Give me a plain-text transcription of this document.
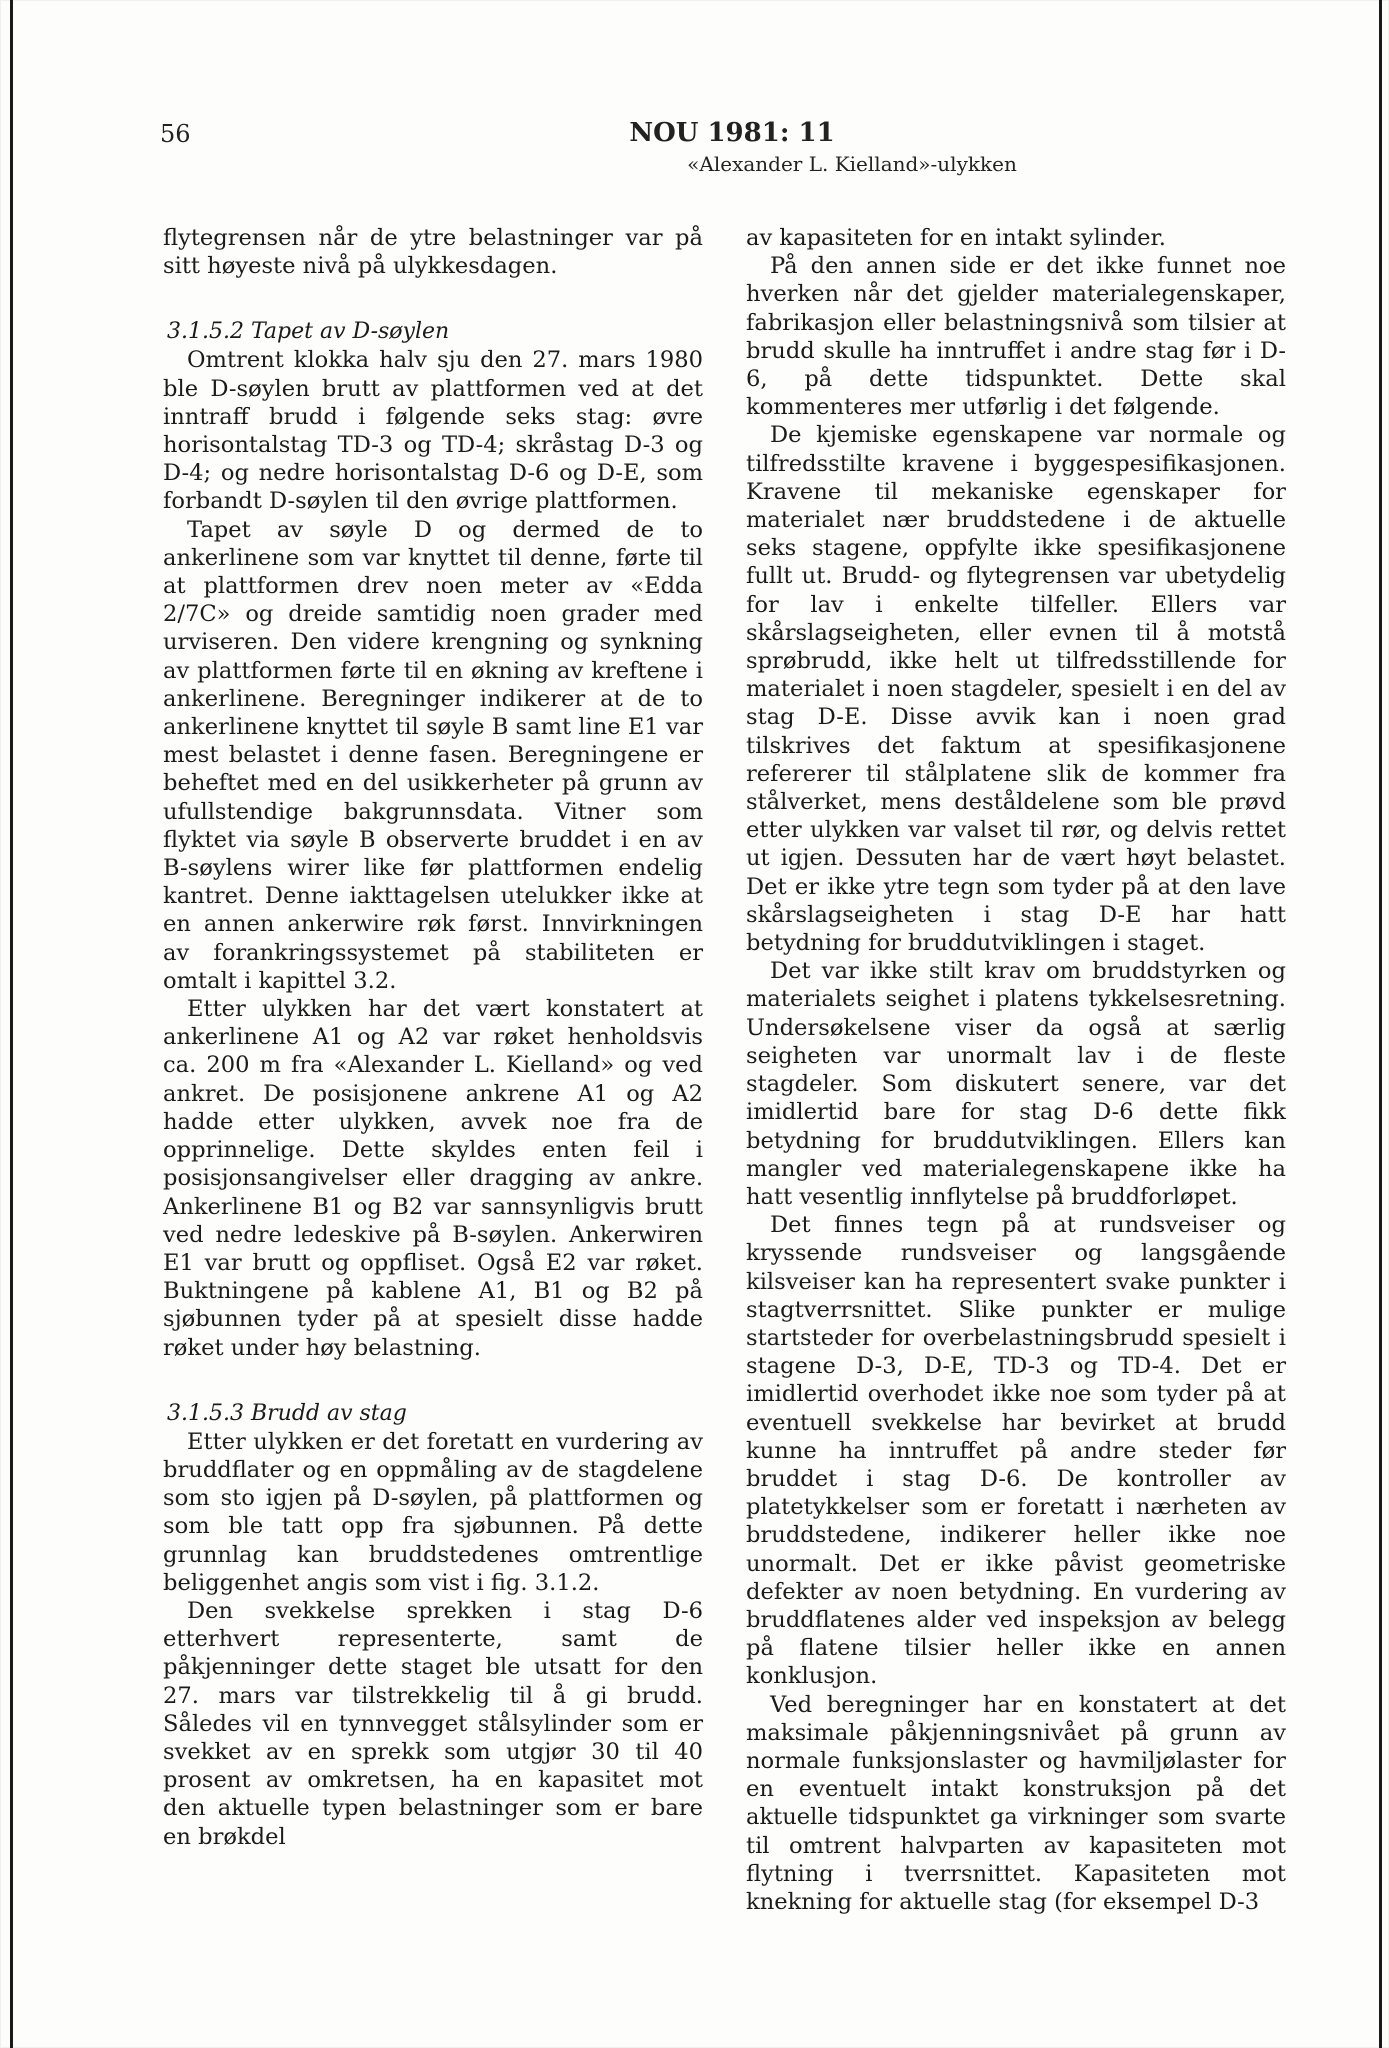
56	NOU 1981: 11
«Alexander L. Kielland»-ulykken

flytegrensen når de ytre belastninger var på sitt høyeste nivå på ulykkesdagen.

3.1.5.2 Tapet av D-søylen

Omtrent klokka halv sju den 27. mars 1980 ble D-søylen brutt av plattformen ved at det inntraff brudd i følgende seks stag: øvre horisontalstag TD-3 og TD-4; skråstag D-3 og D-4; og nedre horisontalstag D-6 og D-E, som forbandt D-søylen til den øvrige plattformen.

Tapet av søyle D og dermed de to ankerlinene som var knyttet til denne, førte til at plattformen drev noen meter av «Edda 2/7C» og dreide samtidig noen grader med urviseren. Den videre krengning og synkning av plattformen førte til en økning av kreftene i ankerlinene. Beregninger indikerer at de to ankerlinene knyttet til søyle B samt line E1 var mest belastet i denne fasen. Beregningene er beheftet med en del usikkerheter på grunn av ufullstendige bakgrunnsdata. Vitner som flyktet via søyle B observerte bruddet i en av B-søylens wirer like før plattformen endelig kantret. Denne iakttagelsen utelukker ikke at en annen ankerwire røk først. Innvirkningen av forankringssystemet på stabiliteten er omtalt i kapittel 3.2.

Etter ulykken har det vært konstatert at ankerlinene A1 og A2 var røket henholdsvis ca. 200 m fra «Alexander L. Kielland» og ved ankret. De posisjonene ankrene A1 og A2 hadde etter ulykken, avvek noe fra de opprinnelige. Dette skyldes enten feil i posisjonsangivelser eller dragging av ankre. Ankerlinene B1 og B2 var sannsynligvis brutt ved nedre ledeskive på B-søylen. Ankerwiren E1 var brutt og oppfliset. Også E2 var røket. Buktningene på kablene A1, B1 og B2 på sjøbunnen tyder på at spesielt disse hadde røket under høy belastning.

3.1.5.3 Brudd av stag

Etter ulykken er det foretatt en vurdering av bruddflater og en oppmåling av de stagdelene som sto igjen på D-søylen, på plattformen og som ble tatt opp fra sjøbunnen. På dette grunnlag kan bruddstedenes omtrentlige beliggenhet angis som vist i fig. 3.1.2.

Den svekkelse sprekken i stag D-6 etterhvert representerte, samt de påkjenninger dette staget ble utsatt for den 27. mars var tilstrekkelig til å gi brudd. Således vil en tynnvegget stålsylinder som er svekket av en sprekk som utgjør 30 til 40 prosent av omkretsen, ha en kapasitet mot den aktuelle typen belastninger som er bare en brøkdel

av kapasiteten for en intakt sylinder.

På den annen side er det ikke funnet noe hverken når det gjelder materialegenskaper, fabrikasjon eller belastningsnivå som tilsier at brudd skulle ha inntruffet i andre stag før i D-6, på dette tidspunktet. Dette skal kommenteres mer utførlig i det følgende.

De kjemiske egenskapene var normale og tilfredsstilte kravene i byggespesifikasjonen. Kravene til mekaniske egenskaper for materialet nær bruddstedene i de aktuelle seks stagene, oppfylte ikke spesifikasjonene fullt ut. Brudd- og flytegrensen var ubetydelig for lav i enkelte tilfeller. Ellers var skårslagseigheten, eller evnen til å motstå sprøbrudd, ikke helt ut tilfredsstillende for materialet i noen stagdeler, spesielt i en del av stag D-E. Disse avvik kan i noen grad tilskrives det faktum at spesifikasjonene refererer til stålplatene slik de kommer fra stålverket, mens deståldelene som ble prøvd etter ulykken var valset til rør, og delvis rettet ut igjen. Dessuten har de vært høyt belastet. Det er ikke ytre tegn som tyder på at den lave skårslagseigheten i stag D-E har hatt betydning for bruddutviklingen i staget.

Det var ikke stilt krav om bruddstyrken og materialets seighet i platens tykkelsesretning. Undersøkelsene viser da også at særlig seigheten var unormalt lav i de fleste stagdeler. Som diskutert senere, var det imidlertid bare for stag D-6 dette fikk betydning for bruddutviklingen. Ellers kan mangler ved materialegenskapene ikke ha hatt vesentlig innflytelse på bruddforløpet.

Det finnes tegn på at rundsveiser og kryssende rundsveiser og langsgående kilsveiser kan ha representert svake punkter i stagtverrsnittet. Slike punkter er mulige startsteder for overbelastningsbrudd spesielt i stagene D-3, D-E, TD-3 og TD-4. Det er imidlertid overhodet ikke noe som tyder på at eventuell svekkelse har bevirket at brudd kunne ha inntruffet på andre steder før bruddet i stag D-6. De kontroller av platetykkelser som er foretatt i nærheten av bruddstedene, indikerer heller ikke noe unormalt. Det er ikke påvist geometriske defekter av noen betydning. En vurdering av bruddflatenes alder ved inspeksjon av belegg på flatene tilsier heller ikke en annen konklusjon.

Ved beregninger har en konstatert at det maksimale påkjenningsnivået på grunn av normale funksjonslaster og havmiljølaster for en eventuelt intakt konstruksjon på det aktuelle tidspunktet ga virkninger som svarte til omtrent halvparten av kapasiteten mot flytning i tverrsnittet. Kapasiteten mot knekning for aktuelle stag (for eksempel D-3
